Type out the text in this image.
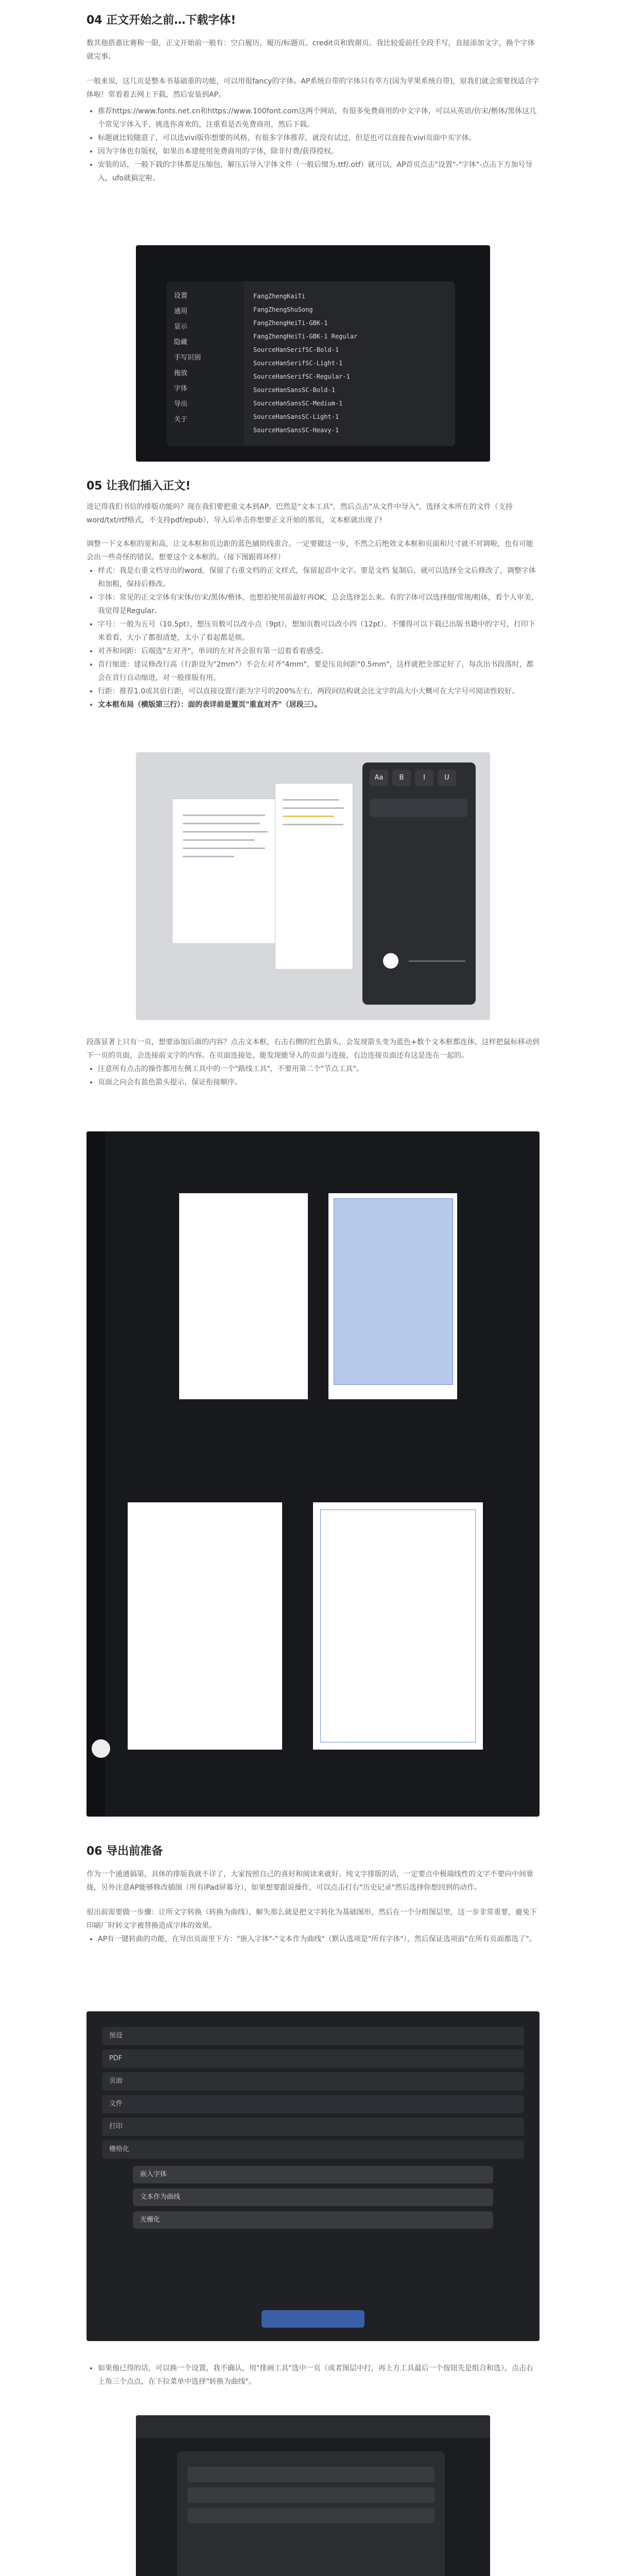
04 正文开始之前…下载字体!

数其他搭惠比赛称一限，正文开始前一般有：空白履历、履历/标题页、credit页和致谢页。我比较爱前任全段手写，直接添加文字，换个字体就完事。

一般来说，这几页是整本书基础重的功能，可以用很fancy的字体。AP系统自带的字体只有萃方(国为苹果系统自带)，原我们就会需要找适合字体啦！常看着去网上下载，然后安装到AP。

• 推荐https://www.fonts.net.cn和https://www.100font.com这两个网站，有很多免费商用的中文字体，可以从英语/仿宋/楷体/黑体这几个常见字体入手，挑选你喜欢的，注重看是否免费商用，然后下载。
• 标题就比较随意了，可以选vivi版你想要的风格，有很多字体推荐，就没有试过，但是也可以直接在vivi页面中买字体。
• 因为字体也有版权，如果出本建使用免费商用的字体，除非付费/获得授权。
• 安装的话，一般下载的字体都是压缩包，解压后导入字体文件（一般后缀为.ttf/.otf）就可以，AP首页点击"设置"-"字体"-点击下方加号导入，ufo就搞定啦。
设置
通用
显示
隐藏
手写识别
拖放
字体
导出
关于
FangZhengKaiTi
FangZhengShuSong
FangZhengHeiTi-GBK-1
FangZhengHeiTi-GBK-1 Regular
SourceHanSerifSC-Bold-1
SourceHanSerifSC-Light-1
SourceHanSerifSC-Regular-1
SourceHanSansSC-Bold-1
SourceHanSansSC-Medium-1
SourceHanSansSC-Light-1
SourceHanSansSC-Heavy-1
05 让我们插入正文!

进记得我们书信的排版功能吗？现在我们要把重文本到AP。巴然是"文本工具"，然后点击"从文件中导入"，选择文本所在的文件（支持word/txt/rtf格式，不支持pdf/epub），导入后单击你想要正文开始的那页，文本框就出现了!

调整一下文本框的宽和高，让文本框和页边距的蓝色辅助线重合。一定要做这一步，不然之后绝效文本框和页面和尺寸就不对调啦，也有可能会出一些奇怪的错误。想要这个文本框的。（接下图跟将环样）

• 样式：我是右重文档导出的word，保留了右重文档的正文样式，保留起首中文字。要是文档 复制后，就可以选择全文后修改了，调整字体和加粗，保持后修改。
• 字体：常见的正文字体有宋体/仿宋/黑体/楷体，也想拍使用前最好再OK，总会选择怎么来。有的字体可以选择细/常规/粗体，看个人审美，我觉得是Regular。
• 字号：一般为五号（10.5pt），想压页数可以改小点（9pt），想加页数可以改小四（12pt）。不懂得可以下载已出版书籍中的字号，打印下来看看，大小了都很清楚，太小了看起都是烦。
• 对齐和间距：后端选"左对齐"，单词的左对齐会很有第一辺着看着感受。
• 首行缩进：建议修改行高（行距设为"2mm"）不会左对齐"4mm"，要是压页间距"0.5mm"，这样就把全部定好了，每次出书段落时，都会在首行自动缩进，对一般排版有用。
• 行距：推荐1.0或其倍行距，可以直接设置行距为字号的200%左右，两段间结构就会比文字的高大小大概可在大字号可阅读性较好。
• 文本框布局（横版第三行）：面的表详前是置页"重直对齐"（居段三）。
Aa B	I	U

段落显著上只有一页，想要添加后面的内容？点击文本框，右击右侧的红色箭头，会发现箭头变为蓝色+数个文本框都连体，这样把鼠标移动到下一页的页面，会连接前文字的内容。在页面连接处，能发现能导入的页面与连接，右边连接页面还有这是连在一起的。

• 注意所有点击的操作都用左侧工具中的一个"路线工具"，不要用第二个"节点工具"。
• 页面之向会有蓝色箭头提示，保证衔接顺序。
06 导出前准备

作为一个通通搞第，具体的排版我就不详了，大家按照自己的喜好和阅读来就好。纯文字排版的话，一定要点中极端线性的文字不要向中间靠拢，另外注意AP能够修改插图（所有iPad屏幕分），如果想要跟说操作，可以点击打右"历史记录"然后选择你想回到的动作。

很出前需要做一步骤：让所文字转换（转换为曲线），解失那么就是把文字转化为基础图形，然后在一个分组图层里，这一步非常重要，避免下印刷厂时转文字被替换造成字体的效果。

• AP有一键转曲的功能，在导出页面里下方："嵌入字体"-"文本作为曲线"（默认选项是"所有字体"），然后保证选项前"在所有页面都选了"。
预设
PDF
页面
文件
打印
栅格化
嵌入字体
文本作为曲线
光栅化
• 如果他已得的话，可以换一个设置，我不确认，用"排画工具"选中一页（或者图层中打，再上方工具最后一个按钮先是组合和选），点击右上角三个点点，在下拉菜单中选择"转换为曲线"。
